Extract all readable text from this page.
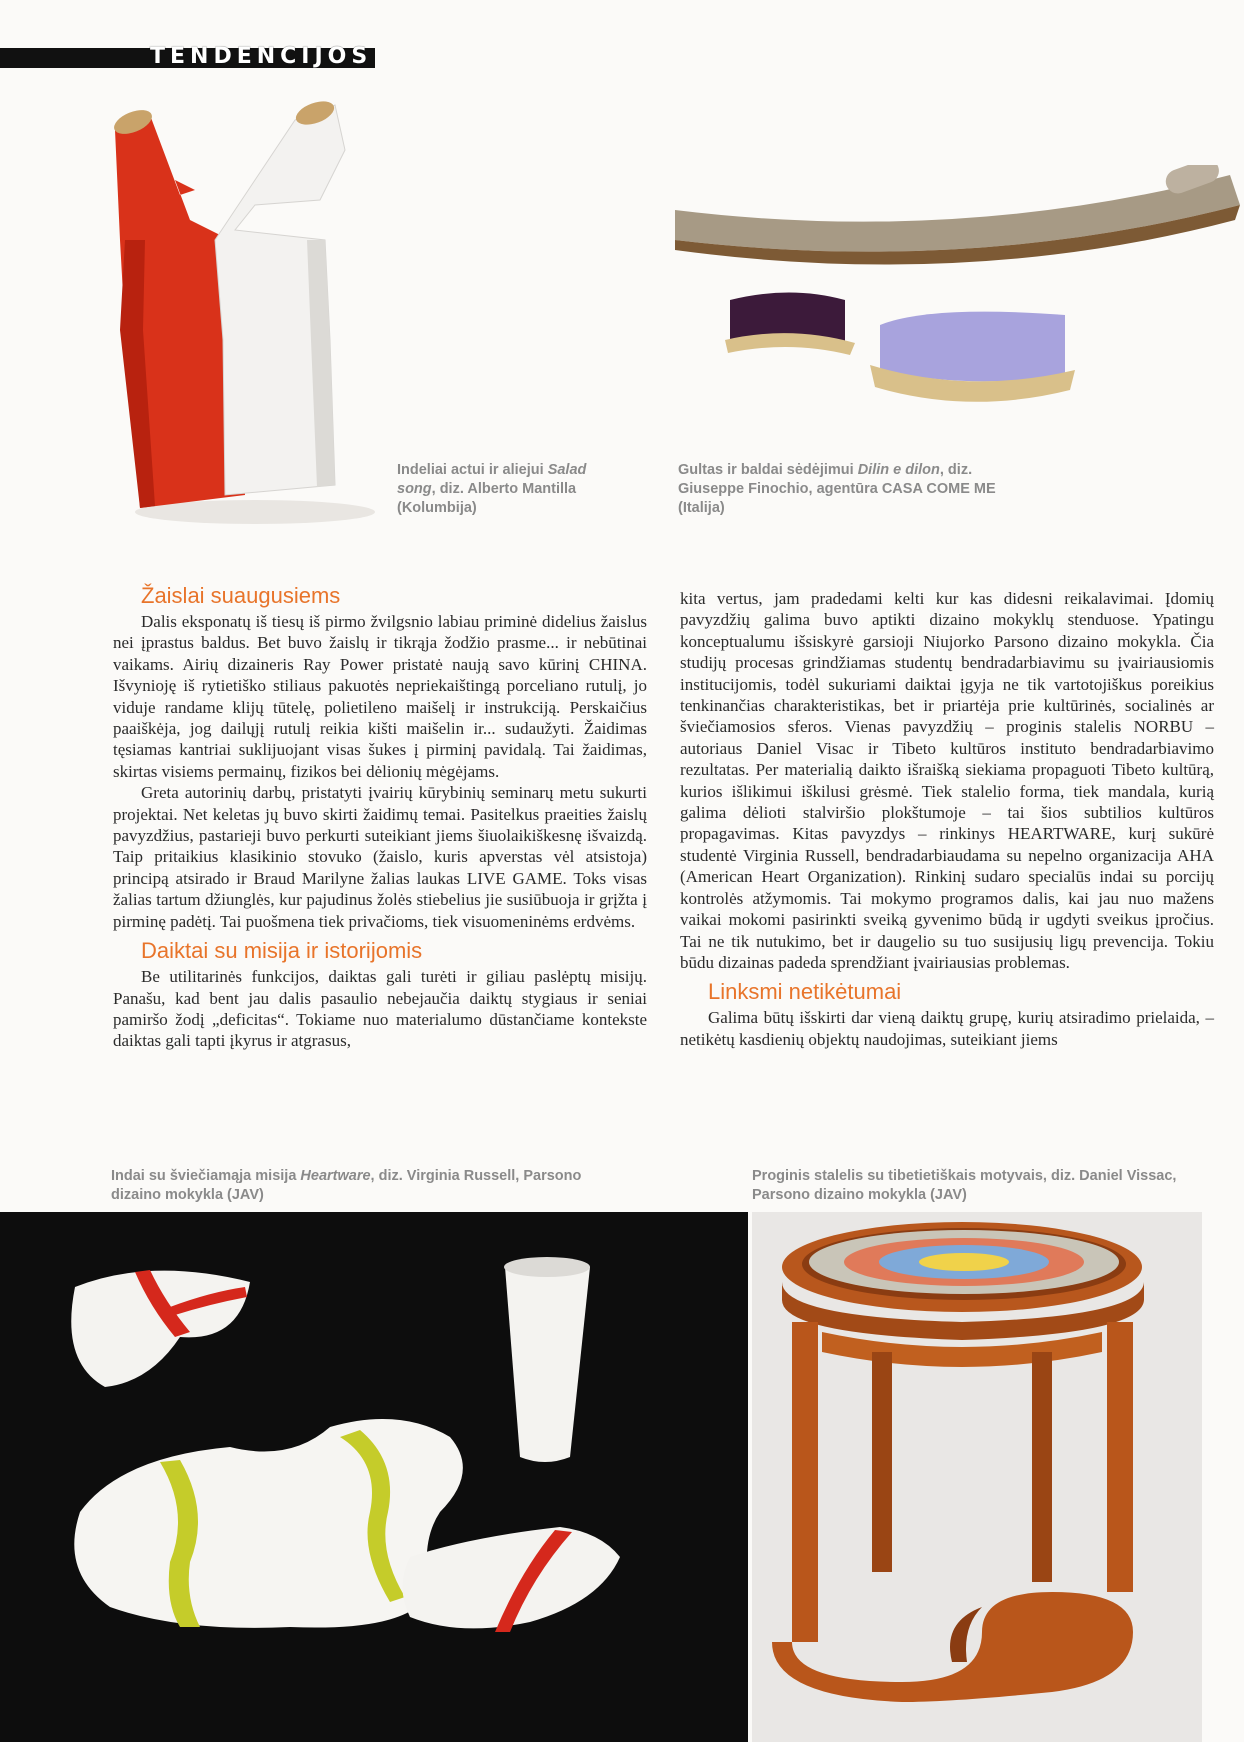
TENDENCIJOS
Indeliai actui ir aliejui Salad song, diz. Alberto Mantilla (Kolumbija)
Gultas ir baldai sėdėjimui Dilin e dilon, diz. Giuseppe Finochio, agentūra CASA COME ME (Italija)
Žaislai suaugusiems

Dalis eksponatų iš tiesų iš pirmo žvilgsnio labiau priminė didelius žaislus nei įprastus baldus. Bet buvo žaislų ir tikrąja žodžio prasme... ir nebūtinai vaikams. Airių dizaineris Ray Power pristatė naują savo kūrinį CHINA. Išvynioję iš rytietiško stiliaus pakuotės nepriekaištingą porceliano rutulį, jo viduje randame klijų tūtelę, polietileno maišelį ir instrukciją. Perskaičius paaiškėja, jog dailųjį rutulį reikia kišti maišelin ir... sudaužyti. Žaidimas tęsiamas kantriai suklijuojant visas šukes į pirminį pavidalą. Tai žaidimas, skirtas visiems permainų, fizikos bei dėlionių mėgėjams.

Greta autorinių darbų, pristatyti įvairių kūrybinių seminarų metu sukurti projektai. Net keletas jų buvo skirti žaidimų temai. Pasitelkus praeities žaislų pavyzdžius, pastarieji buvo perkurti suteikiant jiems šiuolaikiškesnę išvaizdą. Taip pritaikius klasikinio stovuko (žaislo, kuris apverstas vėl atsistoja) principą atsirado ir Braud Marilyne žalias laukas LIVE GAME. Toks visas žalias tartum džiunglės, kur pajudinus žolės stiebelius jie susiūbuoja ir grįžta į pirminę padėtį. Tai puošmena tiek privačioms, tiek visuomeninėms erdvėms.

Daiktai su misija ir istorijomis

Be utilitarinės funkcijos, daiktas gali turėti ir giliau paslėptų misijų. Panašu, kad bent jau dalis pasaulio nebejaučia daiktų stygiaus ir seniai pamiršo žodį „deficitas“. Tokiame nuo materialumo dūstančiame kontekste daiktas gali tapti įkyrus ir atgrasus,

kita vertus, jam pradedami kelti kur kas didesni reikalavimai. Įdomių pavyzdžių galima buvo aptikti dizaino mokyklų stenduose. Ypatingu konceptualumu išsiskyrė garsioji Niujorko Parsono dizaino mokykla. Čia studijų procesas grindžiamas studentų bendradarbiavimu su įvairiausiomis institucijomis, todėl sukuriami daiktai įgyja ne tik vartotojiškus poreikius tenkinančias charakteristikas, bet ir priartėja prie kultūrinės, socialinės ar šviečiamosios sferos. Vienas pavyzdžių – proginis stalelis NORBU – autoriaus Daniel Visac ir Tibeto kultūros instituto bendradarbiavimo rezultatas. Per materialią daikto išraišką siekiama propaguoti Tibeto kultūrą, kurios išlikimui iškilusi grėsmė. Tiek stalelio forma, tiek mandala, kurią galima dėlioti stalviršio plokštumoje – tai šios subtilios kultūros propagavimas. Kitas pavyzdys – rinkinys HEARTWARE, kurį sukūrė studentė Virginia Russell, bendradarbiaudama su nepelno organizacija AHA (American Heart Organization). Rinkinį sudaro specialūs indai su porcijų kontrolės atžymomis. Tai mokymo programos dalis, kai jau nuo mažens vaikai mokomi pasirinkti sveiką gyvenimo būdą ir ugdyti sveikus įpročius. Tai ne tik nutukimo, bet ir daugelio su tuo susijusių ligų prevencija. Tokiu būdu dizainas padeda sprendžiant įvairiausias problemas.

Linksmi netikėtumai

Galima būtų išskirti dar vieną daiktų grupę, kurių atsiradimo prielaida, – netikėtų kasdienių objektų naudojimas, suteikiant jiems

Indai su šviečiamąja misija Heartware, diz. Virginia Russell, Parsono dizaino mokykla (JAV)
Proginis stalelis su tibetietiškais motyvais, diz. Daniel Vissac, Parsono dizaino mokykla (JAV)
